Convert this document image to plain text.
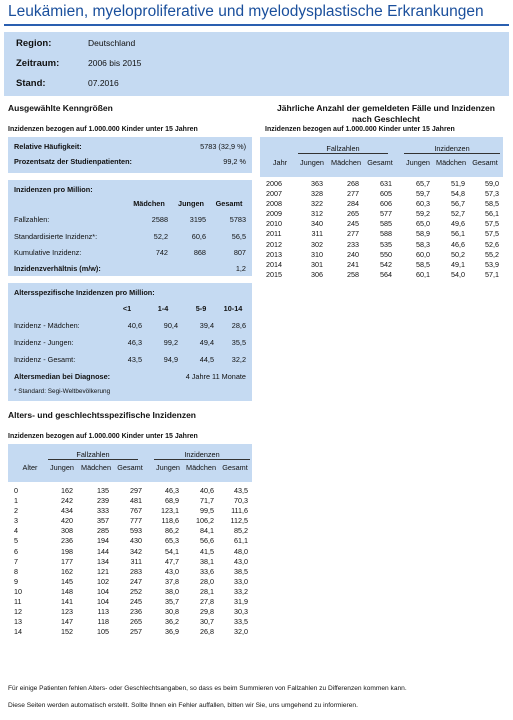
Leukämien, myeloproliferative und myelodysplastische Erkrankungen
Region:	Deutschland
Zeitraum:	2006 bis 2015
Stand:	07.2016
Ausgewählte Kenngrößen
Inzidenzen bezogen auf 1.000.000 Kinder unter 15 Jahren
Relative Häufigkeit:	5783 (32,9 %)
Prozentsatz der Studienpatienten:	99,2 %
Inzidenzen pro Million:
Mädchen	Jungen	Gesamt
Fallzahlen:	2588	3195	5783
Standardisierte Inzidenz*:	52,2	60,6	56,5
Kumulative Inzidenz:	742	868	807
Inzidenzverhältnis (m/w):	1,2
Altersspezifische Inzidenzen pro Million:
<1	1-4	5-9	10-14
Inzidenz - Mädchen:	40,6	90,4	39,4	28,6
Inzidenz - Jungen:	46,3	99,2	49,4	35,5
Inzidenz - Gesamt:	43,5	94,9	44,5	32,2
Altersmedian bei Diagnose:	4 Jahre 11 Monate
* Standard: Segi-Weltbevölkerung
Jährliche Anzahl der gemeldeten Fälle und Inzidenzen
nach Geschlecht
Inzidenzen bezogen auf 1.000.000 Kinder unter 15 Jahren
Fallzahlen	Inzidenzen
Jahr	Jungen Mädchen Gesamt	Jungen Mädchen Gesamt
2006	363	268	631	65,7	51,9	59,0
2007	328	277	605	59,7	54,8	57,3
2008	322	284	606	60,3	56,7	58,5
2009	312	265	577	59,2	52,7	56,1
2010	340	245	585	65,0	49,6	57,5
2011	311	277	588	58,9	56,1	57,5
2012	302	233	535	58,3	46,6	52,6
2013	310	240	550	60,0	50,2	55,2
2014	301	241	542	58,5	49,1	53,9
2015	306	258	564	60,1	54,0	57,1
Alters- und geschlechtsspezifische Inzidenzen
Inzidenzen bezogen auf 1.000.000 Kinder unter 15 Jahren
Fallzahlen	Inzidenzen
Alter	Jungen Mädchen Gesamt	Jungen Mädchen Gesamt
0	162	135	297	46,3	40,6	43,5
1	242	239	481	68,9	71,7	70,3
2	434	333	767	123,1	99,5	111,6
3	420	357	777	118,6	106,2	112,5
4	308	285	593	86,2	84,1	85,2
5	236	194	430	65,3	56,6	61,1
6	198	144	342	54,1	41,5	48,0
7	177	134	311	47,7	38,1	43,0
8	162	121	283	43,0	33,6	38,5
9	145	102	247	37,8	28,0	33,0
10	148	104	252	38,0	28,1	33,2
11	141	104	245	35,7	27,8	31,9
12	123	113	236	30,8	29,8	30,3
13	147	118	265	36,2	30,7	33,5
14	152	105	257	36,9	26,8	32,0
Für einige Patienten fehlen Alters- oder Geschlechtsangaben, so dass es beim Summieren von Fallzahlen zu Differenzen kommen kann.
Diese Seiten werden automatisch erstellt. Sollte Ihnen ein Fehler auffallen, bitten wir Sie, uns umgehend zu informieren.
